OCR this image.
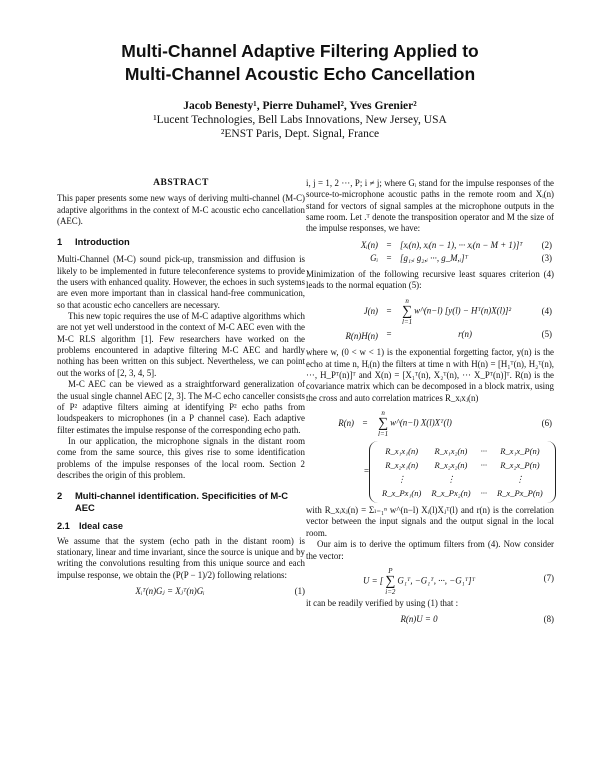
Multi-Channel Adaptive Filtering Applied to
Multi-Channel Acoustic Echo Cancellation
Jacob Benesty¹, Pierre Duhamel², Yves Grenier²
¹Lucent Technologies, Bell Labs Innovations, New Jersey, USA
²ENST Paris, Dept. Signal, France
ABSTRACT

This paper presents some new ways of deriving multi-channel (M-C) adaptive algorithms in the context of M-C acoustic echo cancellation (AEC).

1 Introduction

Multi-Channel (M-C) sound pick-up, transmission and diffusion is likely to be implemented in future teleconference systems to provide the users with enhanced quality. However, the echoes in such systems are even more important than in classical hand-free communication, so that acoustic echo cancellers are necessary.

This new topic requires the use of M-C adaptive algorithms which are not yet well understood in the context of M-C AEC even with the M-C RLS algorithm [1]. Few researchers have worked on the problems encountered in adaptive filtering M-C AEC and hardly nothing has been written on this subject. Nevertheless, we can point out the works of [2, 3, 4, 5].

M-C AEC can be viewed as a straightforward generalization of the usual single channel AEC [2, 3]. The M-C echo canceller consists of P² adaptive filters aiming at identifying P² echo paths from loudspeakers to microphones (in a P channel case). Each adaptive filter estimates the impulse response of the corresponding echo path.

In our application, the microphone signals in the distant room come from the same source, this gives rise to some identification problems of the impulse responses of the local room. Section 2 describes the origin of this problem.

2	Multi-channel identification. Specificities of M-C AEC
2.1 Ideal case

We assume that the system (echo path in the distant room) is stationary, linear and time invariant, since the source is unique and by writing the convolutions resulting from this unique source and each impulse response, we obtain the (P(P − 1)/2) following relations:

Xᵢᵀ(n)Gⱼ = Xⱼᵀ(n)Gᵢ	(1)

i, j = 1, 2 ···, P; i ≠ j; where Gᵢ stand for the impulse responses of the source-to-microphone acoustic paths in the remote room and Xᵢ(n) stand for vectors of signal samples at the microphone outputs in the same room. Let .ᵀ denote the transposition operator and M the size of the impulse responses, we have:

Xᵢ(n)	=	[xᵢ(n), xᵢ(n − 1), ··· xᵢ(n − M + 1)]ᵀ	(2)
Gᵢ	=	[g₁,ᵢ g₂,ᵢ ···, g_M,ᵢ]ᵀ	(3)

Minimization of the following recursive least squares criterion (4) leads to the normal equation (5):

J(n)	=	n
∑
l=1
w^(n−l) [y(l) − Hᵀ(n)X(l)]²	(4)
R(n)H(n)	=	r(n)	(5)

where w, (0 < w < 1) is the exponential forgetting factor, y(n) is the echo at time n, Hᵢ(n) the filters at time n with H(n) = [H₁ᵀ(n), H₂ᵀ(n), ···, H_Pᵀ(n)]ᵀ and X(n) = [X₁ᵀ(n), X₂ᵀ(n), ··· X_Pᵀ(n)]ᵀ. R(n) is the covariance matrix which can be decomposed in a block matrix, using the cross and auto correlation matrices R_xᵢxⱼ(n)

R(n)	=	
n
∑
l=1
w^(n−l) X(l)Xᵀ(l)	(6)
=
R_x₁x₁(n)	R_x₁x₂(n)	···	R_x₁x_P(n)
R_x₂x₁(n)	R_x₂x₂(n)	···	R_x₂x_P(n)
⋮	⋮		⋮
R_x_Px₁(n)	R_x_Px₂(n)	···	R_x_Px_P(n)

with R_xᵢxⱼ(n) = Σₗ₌₁ⁿ w^(n−l) Xᵢ(l)Xⱼᵀ(l) and r(n) is the correlation vector between the input signals and the output signal in the local room.

Our aim is to derive the optimum filters from (4). Now consider the vector:

U = [
P
∑
i=2
G₁ᵀ, −G₁ᵀ, ···, −G₁ᵀ]ᵀ	(7)

it can be readily verified by using (1) that :

R(n)U = 0	(8)
